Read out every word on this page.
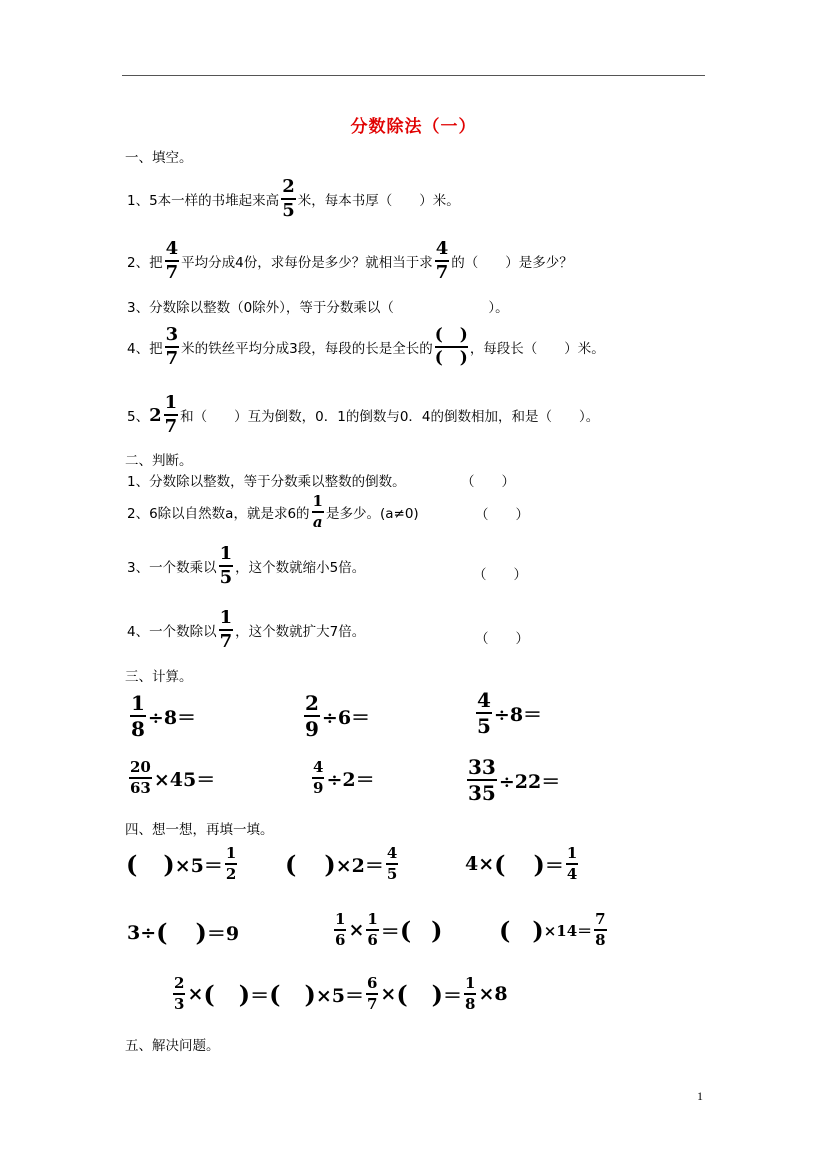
分数除法（一）
一、填空。
1、5本一样的书堆起来高 $\frac{2}{5}$ 米，每本书厚（　　）米。
2、把 $\frac{4}{7}$ 平均分成4份，求每份是多少？就相当于求 $\frac{4}{7}$ 的（　　）是多少？
3、分数除以整数（0除外），等于分数乘以（　　　　　　　）。
4、把 $\frac{3}{7}$ 米的铁丝平均分成3段，每段的长是全长的 $\frac{( )}{( )}$ ，每段长（　　）米。
5、 $2 \frac{1}{7}$ 和（　　）互为倒数，0．1的倒数与0．4的倒数相加，和是（　　）。
二、判断。
1、分数除以整数，等于分数乘以整数的倒数。	（　　）
2、6除以自然数a，就是求6的 $\frac{1}{a}$ 是多少。(a≠0)	（　　）
3、一个数乘以 $\frac{1}{5}$ ，这个数就缩小5倍。	（　　）
4、一个数除以 $\frac{1}{7}$ ，这个数就扩大7倍。	（　　）
三、计算。
$\frac{1}{8} \div 8=$	$\frac{2}{9} \div 6=$	$\frac{4}{5} \div 8=$
$\frac{20}{63} \times 45=$	$\frac{4}{9} \div 2=$	$\frac{33}{35} \div 22=$
四、想一想，再填一填。
( ) $\times 5= \frac{1}{2}$ ( ) $\times 2= \frac{4}{5}$	4× ( ) ＝ $\frac{1}{4}$
3÷ ( ) ＝9	$\frac{1}{6} \times \frac{1}{6}$ ＝ ( ) ( ) $\times 14= \frac{7}{8}$
$\frac{2}{3}$ × ( ) ＝ ( ) $\times 5= \frac{6}{7}$ × ( ) ＝ $\frac{1}{8} \times 8$
五、解决问题。
1
